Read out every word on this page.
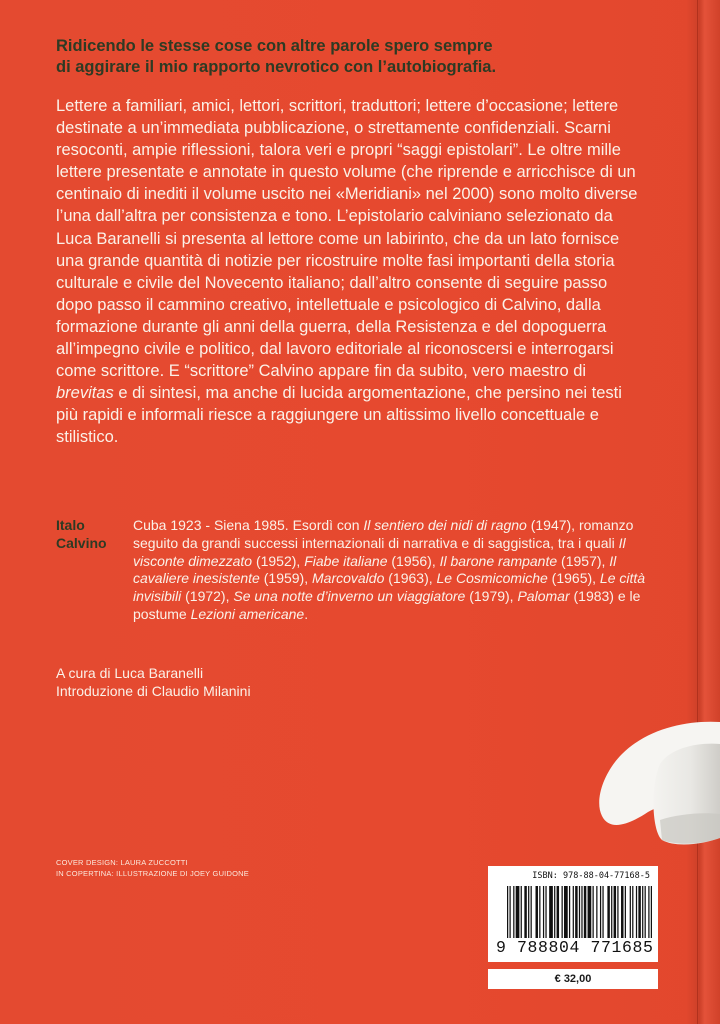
Ridicendo le stesse cose con altre parole spero sempre
di aggirare il mio rapporto nevrotico con l’autobiografia.
Lettere a familiari, amici, lettori, scrittori, traduttori; lettere d’occasione; lettere destinate a un’immediata pubblicazione, o strettamente confidenziali. Scarni resoconti, ampie riflessioni, talora veri e propri “saggi epistolari”. Le oltre mille lettere presentate e annotate in questo volume (che riprende e arricchisce di un centinaio di inediti il volume uscito nei «Meridiani» nel 2000) sono molto diverse l’una dall’altra per consistenza e tono. L’epistolario calviniano selezionato da Luca Baranelli si presenta al lettore come un labirinto, che da un lato fornisce una grande quantità di notizie per ricostruire molte fasi importanti della storia culturale e civile del Novecento italiano; dall’altro consente di seguire passo dopo passo il cammino creativo, intellettuale e psicologico di Calvino, dalla formazione durante gli anni della guerra, della Resistenza e del dopoguerra all’impegno civile e politico, dal lavoro editoriale al riconoscersi e interrogarsi come scrittore. E “scrittore” Calvino appare fin da subito, vero maestro di brevitas e di sintesi, ma anche di lucida argomentazione, che persino nei testi più rapidi e informali riesce a raggiungere un altissimo livello concettuale e stilistico.
Italo
Calvino
Cuba 1923 - Siena 1985. Esordì con Il sentiero dei nidi di ragno (1947), romanzo seguito da grandi successi internazionali di narrativa e di saggistica, tra i quali Il visconte dimezzato (1952), Fiabe italiane (1956), Il barone rampante (1957), Il cavaliere inesistente (1959), Marcovaldo (1963), Le Cosmicomiche (1965), Le città invisibili (1972), Se una notte d’inverno un viaggiatore (1979), Palomar (1983) e le postume Lezioni americane.
A cura di Luca Baranelli
Introduzione di Claudio Milanini
COVER DESIGN: LAURA ZUCCOTTI
IN COPERTINA: ILLUSTRAZIONE DI JOEY GUIDONE	ISBN: 978-88-04-77168-5
9 788804 771685
€ 32,00
